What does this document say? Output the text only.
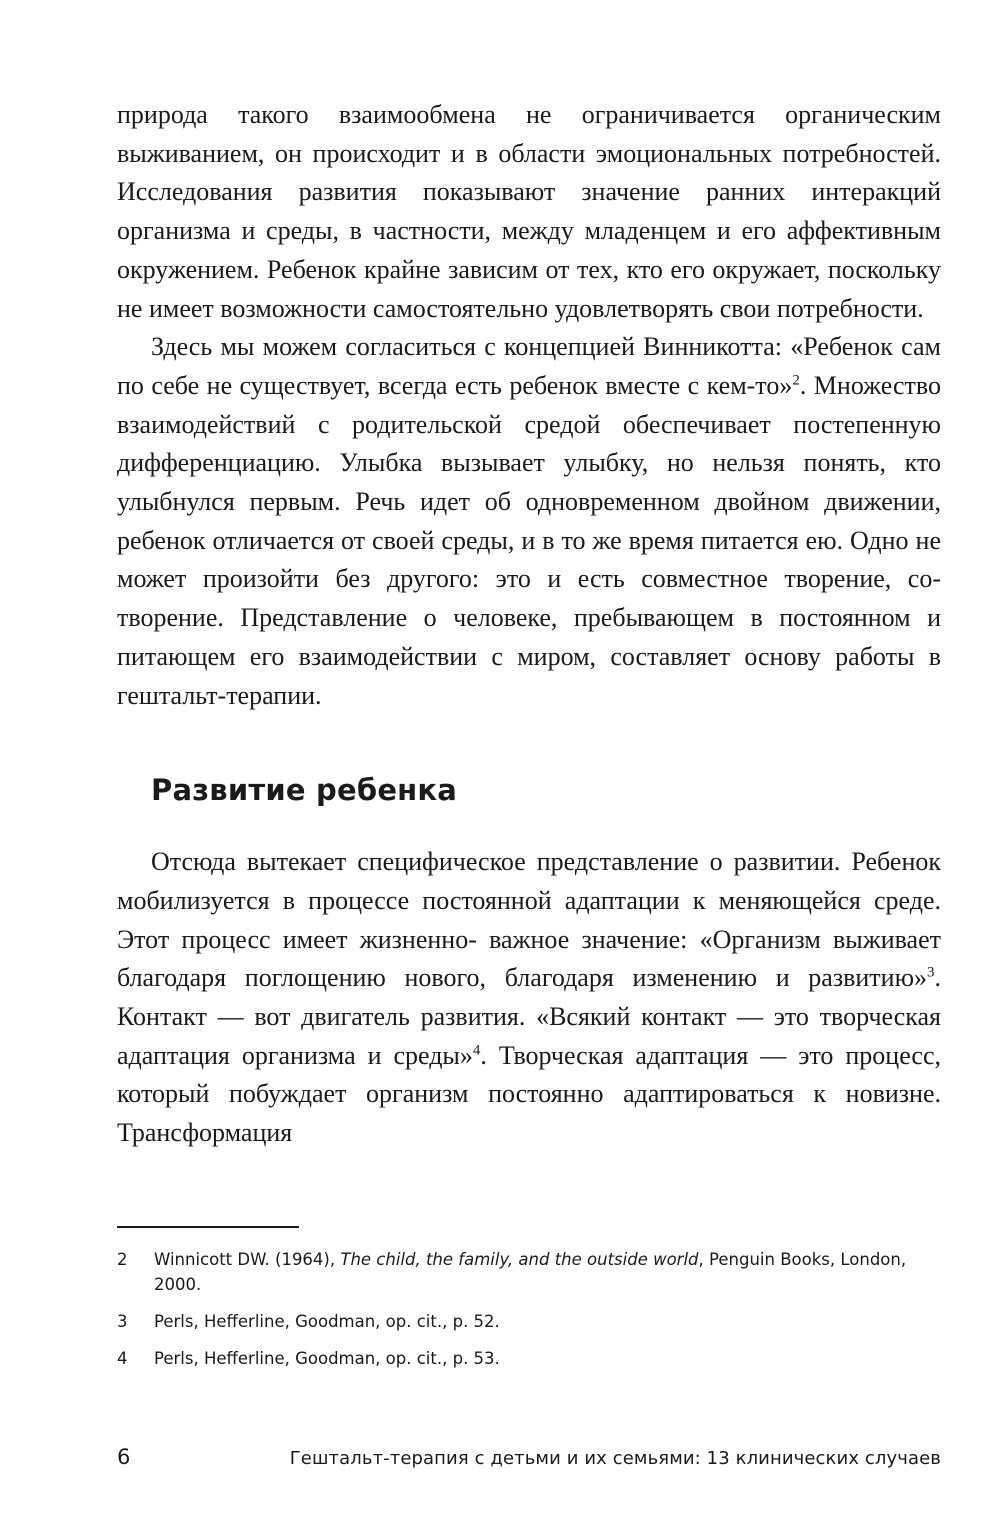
природа такого взаимообмена не ограничивается органическим выживанием, он происходит и в области эмоциональных потребностей. Исследования развития показывают значение ранних интеракций организма и среды, в частности, между младенцем и его аффективным окружением. Ребенок крайне зависим от тех, кто его окружает, поскольку не имеет возможности самостоятельно удовлетворять свои потребности.

Здесь мы можем согласиться с концепцией Винникотта: «Ребенок сам по себе не существует, всегда есть ребенок вместе с кем-то»$^2$. Множество взаимодействий с родительской средой обеспечивает постепенную дифференциацию. Улыбка вызывает улыбку, но нельзя понять, кто улыбнулся первым. Речь идет об одновременном двойном движении, ребенок отличается от своей среды, и в то же время питается ею. Одно не может произойти без другого: это и есть совместное творение, со-творение. Представление о человеке, пребывающем в постоянном и питающем его взаимодействии с миром, составляет основу работы в гештальт-терапии.

Развитие ребенка

Отсюда вытекает специфическое представление о развитии. Ребенок мобилизуется в процессе постоянной адаптации к меняющейся среде. Этот процесс имеет жизненно- важное значение: «Организм выживает благодаря поглощению нового, благодаря изменению и развитию»$^3$. Контакт — вот двигатель развития. «Всякий контакт — это творческая адаптация организма и среды»$^4$. Творческая адаптация — это процесс, который побуждает организм постоянно адаптироваться к новизне. Трансформация

2	Winnicott DW. (1964), The child, the family, and the outside world, Penguin Books, London, 2000.
3	Perls, Hefferline, Goodman, op. cit., p. 52.
4	Perls, Hefferline, Goodman, op. cit., p. 53.
6	Гештальт-терапия с детьми и их семьями: 13 клинических случаев
